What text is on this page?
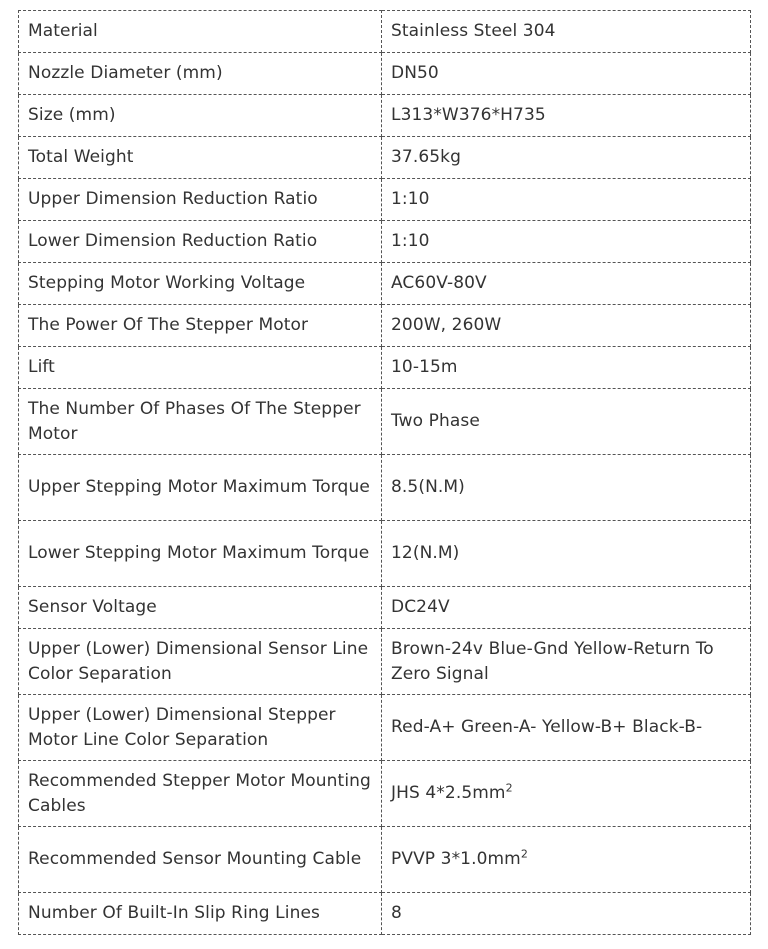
Material	Stainless Steel 304
Nozzle Diameter (mm)	DN50
Size (mm)	L313*W376*H735
Total Weight	37.65kg
Upper Dimension Reduction Ratio	1:10
Lower Dimension Reduction Ratio	1:10
Stepping Motor Working Voltage	AC60V-80V
The Power Of The Stepper Motor	200W, 260W
Lift	10-15m
The Number Of Phases Of The Stepper Motor	Two Phase
Upper Stepping Motor Maximum Torque	8.5(N.M)
Lower Stepping Motor Maximum Torque	12(N.M)
Sensor Voltage	DC24V
Upper (Lower) Dimensional Sensor Line Color Separation	Brown-24v Blue-Gnd Yellow-Return To Zero Signal
Upper (Lower) Dimensional Stepper Motor Line Color Separation	Red-A+ Green-A- Yellow-B+ Black-B-
Recommended Stepper Motor Mounting Cables	JHS $4*2.5mm^2$
Recommended Sensor Mounting Cable	PVVP $3*1.0mm^2$
Number Of Built-In Slip Ring Lines	8
